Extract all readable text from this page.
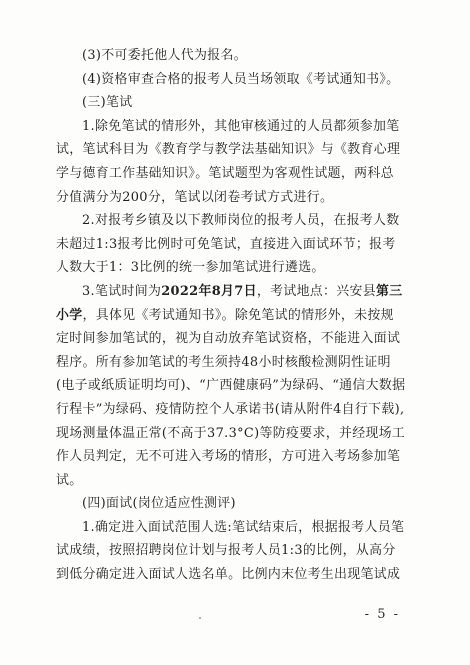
(3)不可委托他人代为报名。
(4)资格审查合格的报考人员当场领取《考试通知书》。
(三)笔试
1.除免笔试的情形外，其他审核通过的人员都须参加笔
试，笔试科目为《教育学与教学法基础知识》与《教育心理
学与德育工作基础知识》。笔试题型为客观性试题，两科总
分值满分为200分，笔试以闭卷考试方式进行。
2.对报考乡镇及以下教师岗位的报考人员，在报考人数
未超过1:3报考比例时可免笔试，直接进入面试环节；报考
人数大于1：3比例的统一参加笔试进行遴选。
3.笔试时间为2022年8月7日，考试地点：兴安县第三
小学，具体见《考试通知书》。除免笔试的情形外，未按规
定时间参加笔试的，视为自动放弃笔试资格，不能进入面试
程序。所有参加笔试的考生须持48小时核酸检测阴性证明
(电子或纸质证明均可)、“广西健康码”为绿码、“通信大数据
行程卡”为绿码、疫情防控个人承诺书(请从附件4自行下载),
现场测量体温正常(不高于37.3°C)等防疫要求，并经现场工
作人员判定，无不可进入考场的情形，方可进入考场参加笔
试。
(四)面试(岗位适应性测评)
1.确定进入面试范围人选:笔试结束后，根据报考人员笔
试成绩，按照招聘岗位计划与报考人员1:3的比例，从高分
到低分确定进入面试人选名单。比例内末位考生出现笔试成
- 5 -
